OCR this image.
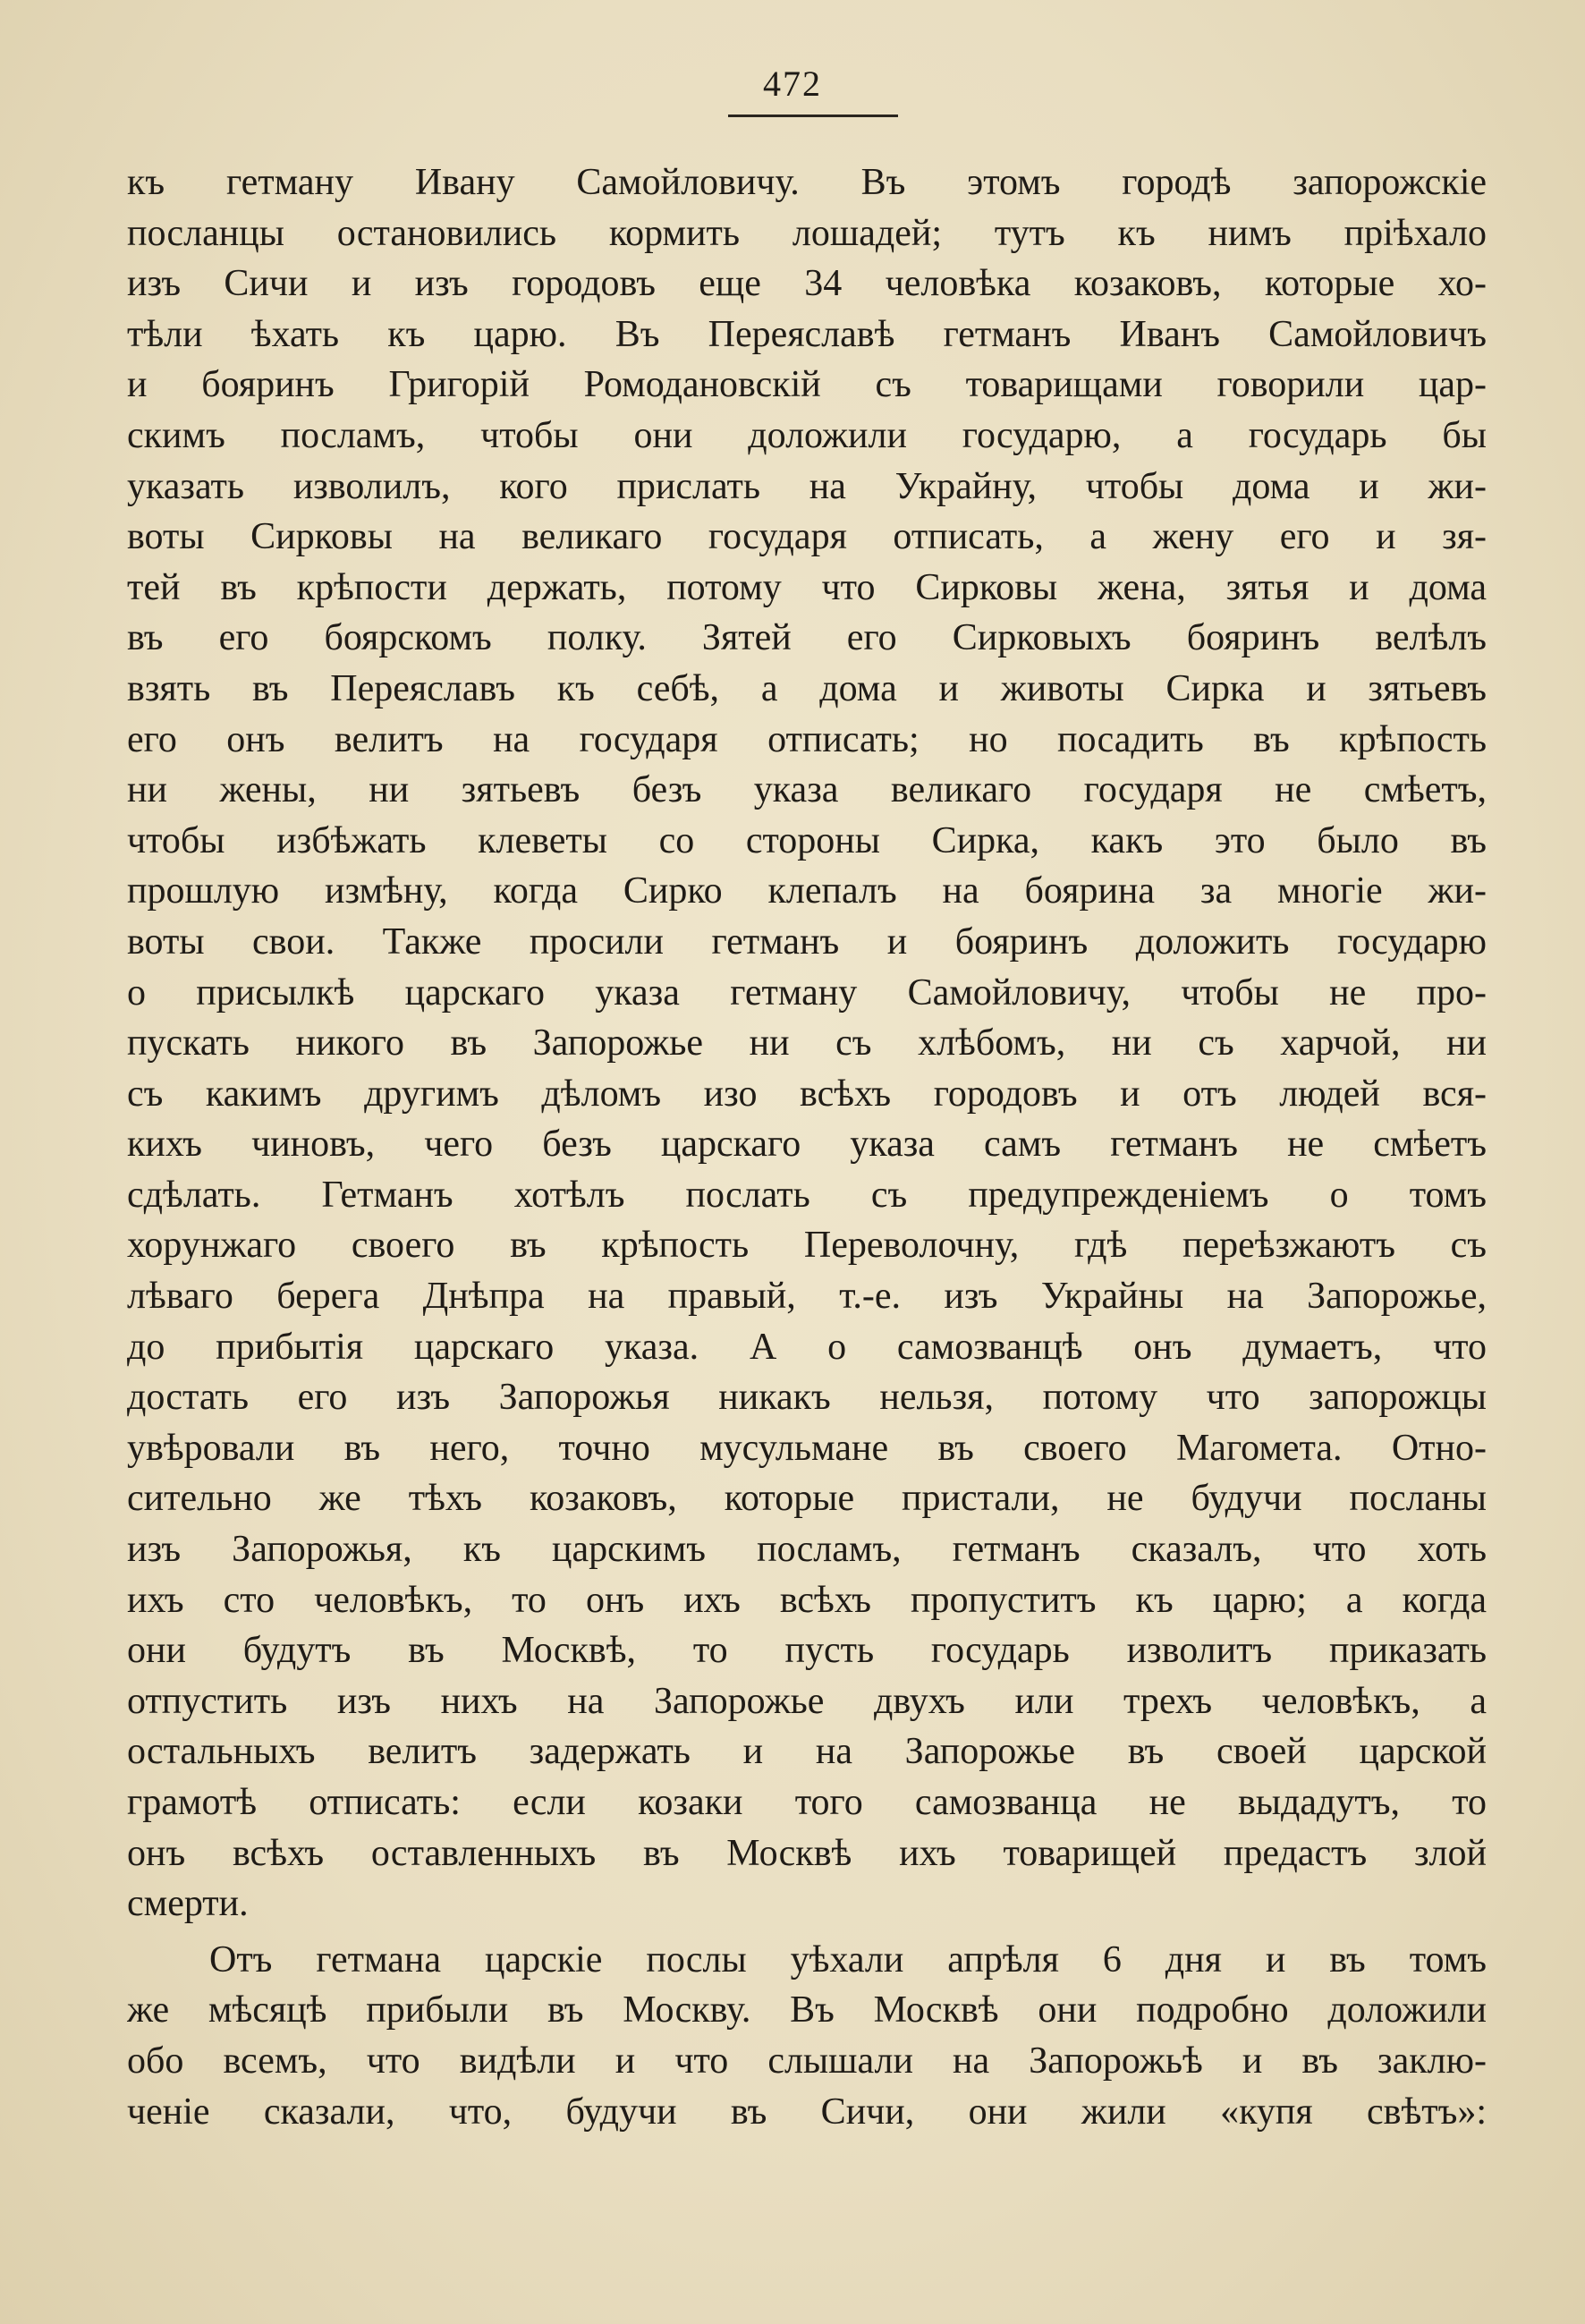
472
къ гетману Ивану Самойловичу. Въ этомъ городѣ запорожскіе
посланцы остановились кормить лошадей; тутъ къ нимъ пріѣхало
изъ Сичи и изъ городовъ еще 34 человѣка козаковъ, которые хо-
тѣли ѣхать къ царю. Въ Переяславѣ гетманъ Иванъ Самойловичъ
и бояринъ Григорій Ромодановскій съ товарищами говорили цар-
скимъ посламъ, чтобы они доложили государю, а государь бы
указать изволилъ, кого прислать на Украйну, чтобы дома и жи-
воты Сирковы на великаго государя отписать, а жену его и зя-
тей въ крѣпости держать, потому что Сирковы жена, зятья и дома
въ его боярскомъ полку. Зятей его Сирковыхъ бояринъ велѣлъ
взять въ Переяславъ къ себѣ, а дома и животы Сирка и зятьевъ
его онъ велитъ на государя отписать; но посадить въ крѣпость
ни жены, ни зятьевъ безъ указа великаго государя не смѣетъ,
чтобы избѣжать клеветы со стороны Сирка, какъ это было въ
прошлую измѣну, когда Сирко клепалъ на боярина за многіе жи-
воты свои. Также просили гетманъ и бояринъ доложить государю
о присылкѣ царскаго указа гетману Самойловичу, чтобы не про-
пускать никого въ Запорожье ни съ хлѣбомъ, ни съ харчой, ни
съ какимъ другимъ дѣломъ изо всѣхъ городовъ и отъ людей вся-
кихъ чиновъ, чего безъ царскаго указа самъ гетманъ не смѣетъ
сдѣлать. Гетманъ хотѣлъ послать съ предупрежденіемъ о томъ
хорунжаго своего въ крѣпость Переволочну, гдѣ переѣзжаютъ съ
лѣваго берега Днѣпра на правый, т.-е. изъ Украйны на Запорожье,
до прибытія царскаго указа. А о самозванцѣ онъ думаетъ, что
достать его изъ Запорожья никакъ нельзя, потому что запорожцы
увѣровали въ него, точно мусульмане въ своего Магомета. Отно-
сительно же тѣхъ козаковъ, которые пристали, не будучи посланы
изъ Запорожья, къ царскимъ посламъ, гетманъ сказалъ, что хоть
ихъ сто человѣкъ, то онъ ихъ всѣхъ пропуститъ къ царю; а когда
они будутъ въ Москвѣ, то пусть государь изволитъ приказать
отпустить изъ нихъ на Запорожье двухъ или трехъ человѣкъ, а
остальныхъ велитъ задержать и на Запорожье въ своей царской
грамотѣ отписать: если козаки того самозванца не выдадутъ, то
онъ всѣхъ оставленныхъ въ Москвѣ ихъ товарищей предастъ злой
смерти.
Отъ гетмана царскіе послы уѣхали апрѣля 6 дня и въ томъ
же мѣсяцѣ прибыли въ Москву. Въ Москвѣ они подробно доложили
обо всемъ, что видѣли и что слышали на Запорожьѣ и въ заклю-
ченіе сказали, что, будучи въ Сичи, они жили «купя свѣтъ»:
